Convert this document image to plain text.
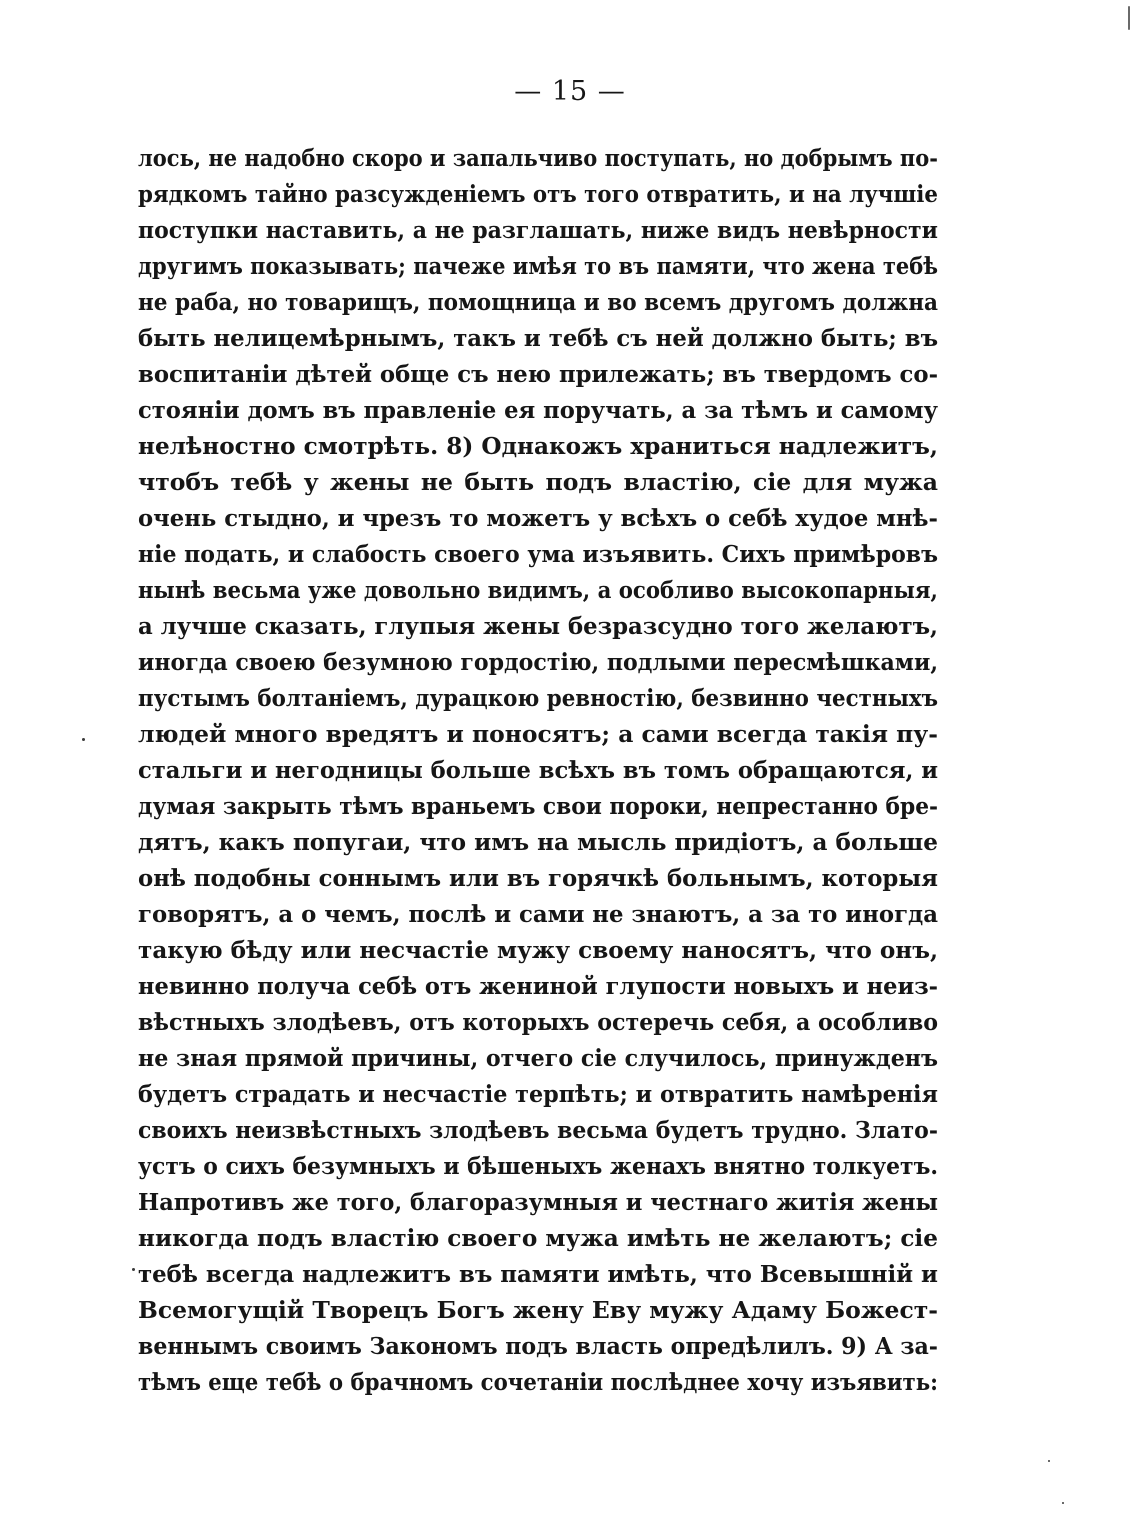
— 15 —
лось, не надобно скоро и запальчиво поступать, но добрымъ по-
рядкомъ тайно разсужденіемъ отъ того отвратить, и на лучшіе
поступки наставить, а не разглашать, ниже видъ невѣрности
другимъ показывать; пачеже имѣя то въ памяти, что жена тебѣ
не раба, но товарищъ, помощница и во всемъ другомъ должна
быть нелицемѣрнымъ, такъ и тебѣ съ ней должно быть; въ
воспитаніи дѣтей обще съ нею прилежать; въ твердомъ со-
стояніи домъ въ правленіе ея поручать, а за тѣмъ и самому
нелѣностно смотрѣть. 8) Однакожъ храниться надлежитъ,
чтобъ тебѣ у жены не быть подъ властію, сіе для мужа
очень стыдно, и чрезъ то можетъ у всѣхъ о себѣ худое мнѣ-
ніе подать, и слабость своего ума изъявить. Сихъ примѣровъ
нынѣ весьма уже довольно видимъ, а особливо высокопарныя,
а лучше сказать, глупыя жены безразсудно того желаютъ,
иногда своею безумною гордостію, подлыми пересмѣшками,
пустымъ болтаніемъ, дурацкою ревностію, безвинно честныхъ
людей много вредятъ и поносятъ; а сами всегда такія пу-
стальги и негодницы больше всѣхъ въ томъ обращаются, и
думая закрыть тѣмъ враньемъ свои пороки, непрестанно бре-
дятъ, какъ попугаи, что имъ на мысль придіотъ, а больше
онѣ подобны соннымъ или въ горячкѣ больнымъ, которыя
говорятъ, а о чемъ, послѣ и сами не знаютъ, а за то иногда
такую бѣду или несчастіе мужу своему наносятъ, что онъ,
невинно получа себѣ отъ жениной глупости новыхъ и неиз-
вѣстныхъ злодѣевъ, отъ которыхъ остеречь себя, а особливо
не зная прямой причины, отчего сіе случилось, принужденъ
будетъ страдать и несчастіе терпѣть; и отвратить намѣренія
своихъ неизвѣстныхъ злодѣевъ весьма будетъ трудно. Злато-
устъ о сихъ безумныхъ и бѣшеныхъ женахъ внятно толкуетъ.
Напротивъ же того, благоразумныя и честнаго житія жены
никогда подъ властію своего мужа имѣть не желаютъ; сіе
тебѣ всегда надлежитъ въ памяти имѣть, что Всевышній и
Всемогущій Творецъ Богъ жену Еву мужу Адаму Божест-
веннымъ своимъ Закономъ подъ власть опредѣлилъ. 9) А за-
тѣмъ еще тебѣ о брачномъ сочетаніи послѣднее хочу изъявить:
